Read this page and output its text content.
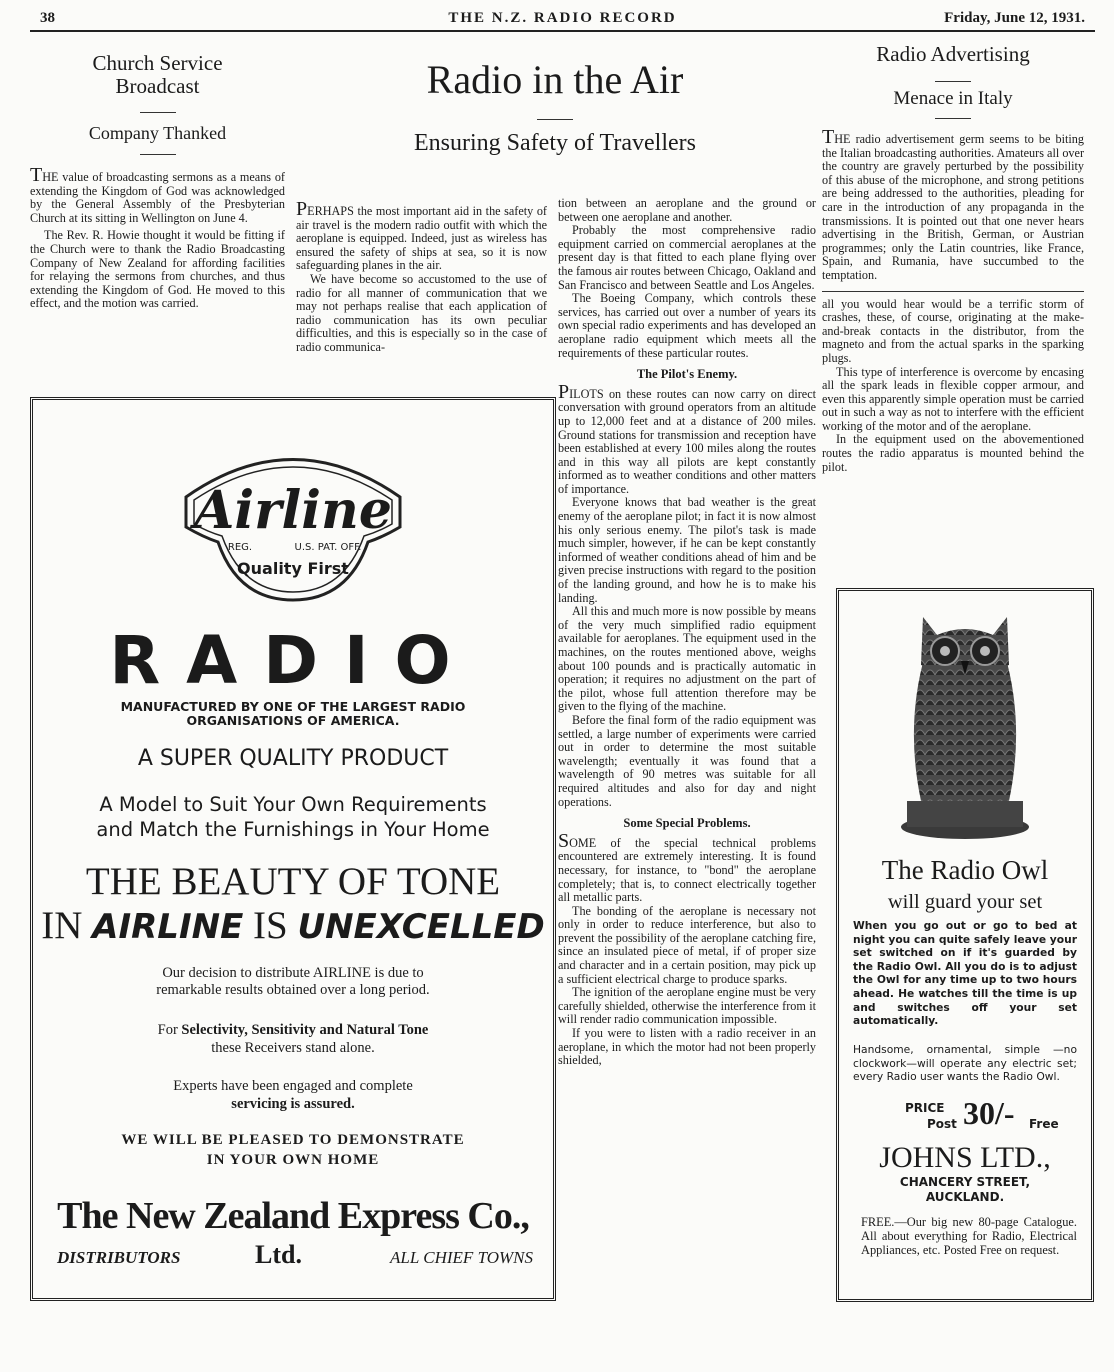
38	THE N.Z. RADIO RECORD	Friday, June 12, 1931.
Church Service Broadcast
Company Thanked

THE value of broadcasting sermons as a means of extending the Kingdom of God was acknowledged by the General Assembly of the Presbyterian Church at its sitting in Wellington on June 4.

The Rev. R. Howie thought it would be fitting if the Church were to thank the Radio Broadcasting Company of New Zealand for affording facilities for relaying the sermons from churches, and thus extending the Kingdom of God. He moved to this effect, and the motion was carried.

Radio in the Air
Ensuring Safety of Travellers

PERHAPS the most important aid in the safety of air travel is the modern radio outfit with which the aeroplane is equipped. Indeed, just as wireless has ensured the safety of ships at sea, so it is now safeguarding planes in the air.

We have become so accustomed to the use of radio for all manner of communication that we may not perhaps realise that each application of radio communication has its own peculiar difficulties, and this is especially so in the case of radio communica-

tion between an aeroplane and the ground or between one aeroplane and another.

Probably the most comprehensive radio equipment carried on commercial aeroplanes at the present day is that fitted to each plane flying over the famous air routes between Chicago, Oakland and San Francisco and between Seattle and Los Angeles.

The Boeing Company, which controls these services, has carried out over a number of years its own special radio experiments and has developed an aeroplane radio equipment which meets all the requirements of these particular routes.

The Pilot's Enemy.

PILOTS on these routes can now carry on direct conversation with ground operators from an altitude up to 12,000 feet and at a distance of 200 miles. Ground stations for transmission and reception have been established at every 100 miles along the routes and in this way all pilots are kept constantly informed as to weather conditions and other matters of importance.

Everyone knows that bad weather is the great enemy of the aeroplane pilot; in fact it is now almost his only serious enemy. The pilot's task is made much simpler, however, if he can be kept constantly informed of weather conditions ahead of him and be given precise instructions with regard to the position of the landing ground, and how he is to make his landing.

All this and much more is now possible by means of the very much simplified radio equipment available for aeroplanes. The equipment used in the machines, on the routes mentioned above, weighs about 100 pounds and is practically automatic in operation; it requires no adjustment on the part of the pilot, whose full attention therefore may be given to the flying of the machine.

Before the final form of the radio equipment was settled, a large number of experiments were carried out in order to determine the most suitable wavelength; eventually it was found that a wavelength of 90 metres was suitable for all required altitudes and also for day and night operations.

Some Special Problems.

SOME of the special technical problems encountered are extremely interesting. It is found necessary, for instance, to "bond" the aeroplane completely; that is, to connect electrically together all metallic parts.

The bonding of the aeroplane is necessary not only in order to reduce interference, but also to prevent the possibility of the aeroplane catching fire, since an insulated piece of metal, if of proper size and character and in a certain position, may pick up a sufficient electrical charge to produce sparks.

The ignition of the aeroplane engine must be very carefully shielded, otherwise the interference from it will render radio communication impossible.

If you were to listen with a radio receiver in an aeroplane, in which the motor had not been properly shielded,

Radio Advertising
Menace in Italy

THE radio advertisement germ seems to be biting the Italian broadcasting authorities. Amateurs all over the country are gravely perturbed by the possibility of this abuse of the microphone, and strong petitions are being addressed to the authorities, pleading for care in the introduction of any propaganda in the transmissions. It is pointed out that one never hears advertising in the British, German, or Austrian programmes; only the Latin countries, like France, Spain, and Rumania, have succumbed to the temptation.

all you would hear would be a terrific storm of crashes, these, of course, originating at the make-and-break contacts in the distributor, from the magneto and from the actual sparks in the sparking plugs.

This type of interference is overcome by encasing all the spark leads in flexible copper armour, and even this apparently simple operation must be carried out in such a way as not to interfere with the efficient working of the motor and of the aeroplane.

In the equipment used on the abovementioned routes the radio apparatus is mounted behind the pilot.

Airline
REG.	U.S. PAT. OFF.
Quality First
RADIO
MANUFACTURED BY ONE OF THE LARGEST RADIO ORGANISATIONS OF AMERICA.
A SUPER QUALITY PRODUCT
A Model to Suit Your Own Requirements
and Match the Furnishings in Your Home
THE BEAUTY OF TONE
IN AIRLINE IS UNEXCELLED
Our decision to distribute AIRLINE is due to
remarkable results obtained over a long period.
For Selectivity, Sensitivity and Natural Tone
these Receivers stand alone.
Experts have been engaged and complete
servicing is assured.
WE WILL BE PLEASED TO DEMONSTRATE
IN YOUR OWN HOME
The New Zealand Express Co.,
DISTRIBUTORS	Ltd.	ALL CHIEF TOWNS
The Radio Owl
will guard your set
When you go out or go to bed at night you can quite safely leave your set switched on if it's guarded by the Radio Owl. All you do is to adjust the Owl for any time up to two hours ahead. He watches till the time is up and switches off your set automatically.
Handsome, ornamental, simple —no clockwork—will operate any electric set; every Radio user wants the Radio Owl.
PRICE
Post 30/- Free
JOHNS LTD.,
CHANCERY STREET,
AUCKLAND.
FREE.—Our big new 80-page Catalogue. All about everything for Radio, Electrical Appliances, etc. Posted Free on request.
